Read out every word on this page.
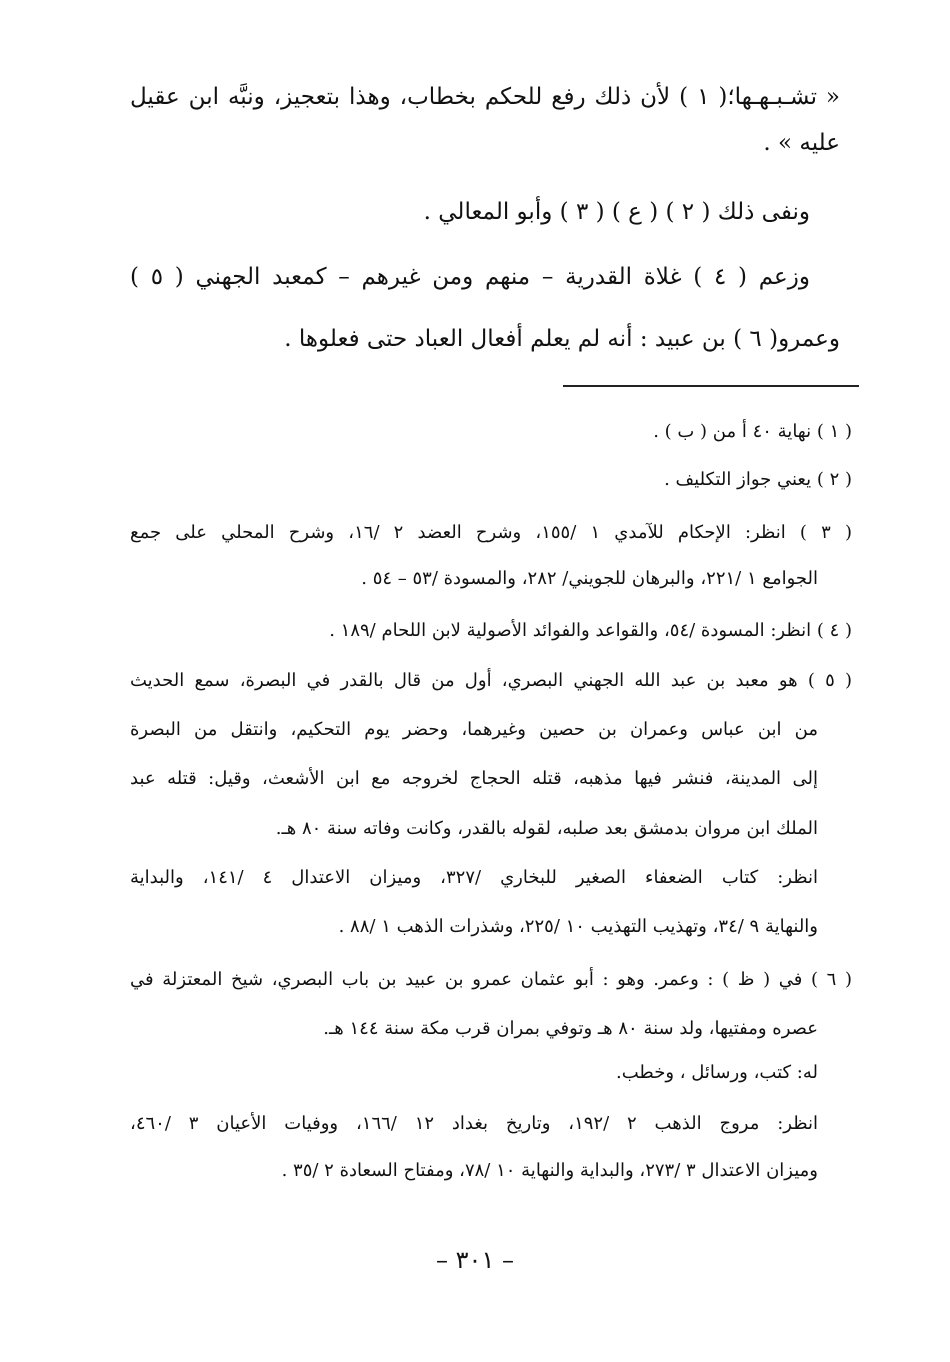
« تشـبـهـها؛( ١ ) لأن ذلك رفع للحكم بخطاب، وهذا بتعجيز، ونبَّه ابن عقيل

عليه » .

ونفى ذلك ( ٢ ) ( ع ) ( ٣ ) وأبو المعالي .

وزعم ( ٤ ) غلاة القدرية – منهم ومن غيرهم – كمعبد الجهني ( ٥ )

وعمرو( ٦ ) بن عبيد : أنه لم يعلم أفعال العباد حتى فعلوها .

( ١ ) نهاية ٤٠ أ من ( ب ) .
( ٢ ) يعني جواز التكليف .
( ٣ ) انظر: الإحكام للآمدي ١ /١٥٥، وشرح العضد ٢ /١٦، وشرح المحلي على جمع
الجوامع ١ /٢٢١، والبرهان للجويني/ ٢٨٢، والمسودة /٥٣ – ٥٤ .
( ٤ ) انظر: المسودة /٥٤، والقواعد والفوائد الأصولية لابن اللحام /١٨٩ .
( ٥ ) هو معبد بن عبد الله الجهني البصري، أول من قال بالقدر في البصرة، سمع الحديث
من ابن عباس وعمران بن حصين وغيرهما، وحضر يوم التحكيم، وانتقل من البصرة
إلى المدينة، فنشر فيها مذهبه، قتله الحجاج لخروجه مع ابن الأشعث، وقيل: قتله عبد
الملك ابن مروان بدمشق بعد صلبه، لقوله بالقدر، وكانت وفاته سنة ٨٠ هـ.
انظر: كتاب الضعفاء الصغير للبخاري /٣٢٧، وميزان الاعتدال ٤ /١٤١، والبداية
والنهاية ٩ /٣٤، وتهذيب التهذيب ١٠ /٢٢٥، وشذرات الذهب ١ /٨٨ .
( ٦ ) في ( ظ ) : وعمر. وهو : أبو عثمان عمرو بن عبيد بن باب البصري، شيخ المعتزلة في
عصره ومفتيها، ولد سنة ٨٠ هـ وتوفي بمران قرب مكة سنة ١٤٤ هـ.
له: كتب، ورسائل ، وخطب.
انظر: مروج الذهب ٢ /١٩٢، وتاريخ بغداد ١٢ /١٦٦، ووفيات الأعيان ٣ /٤٦٠،
وميزان الاعتدال ٣ /٢٧٣، والبداية والنهاية ١٠ /٧٨، ومفتاح السعادة ٢ /٣٥ .
– ٣٠١ –
